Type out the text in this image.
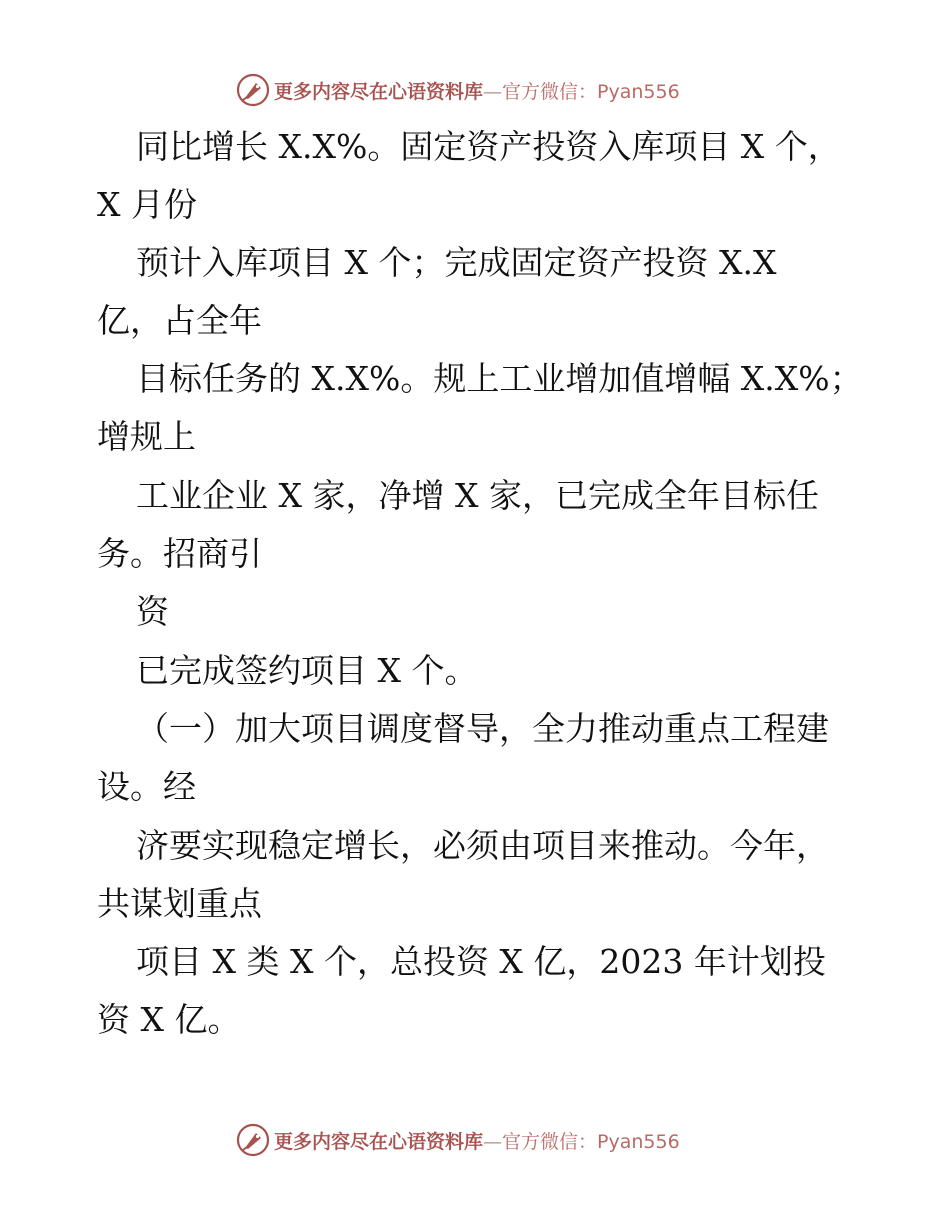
更多内容尽在心语资料库—官方微信：Pyan556
同比增长 X.X%。固定资产投资入库项目 X 个，
X 月份
预计入库项目 X 个；完成固定资产投资 X.X
亿，占全年
目标任务的 X.X%。规上工业增加值增幅 X.X%；
增规上
工业企业 X 家，净增 X 家，已完成全年目标任
务。招商引
资
已完成签约项目 X 个。
（一）加大项目调度督导，全力推动重点工程建
设。经
济要实现稳定增长，必须由项目来推动。今年，
共谋划重点
项目 X 类 X 个，总投资 X 亿，2023 年计划投
资 X 亿。
更多内容尽在心语资料库—官方微信：Pyan556
